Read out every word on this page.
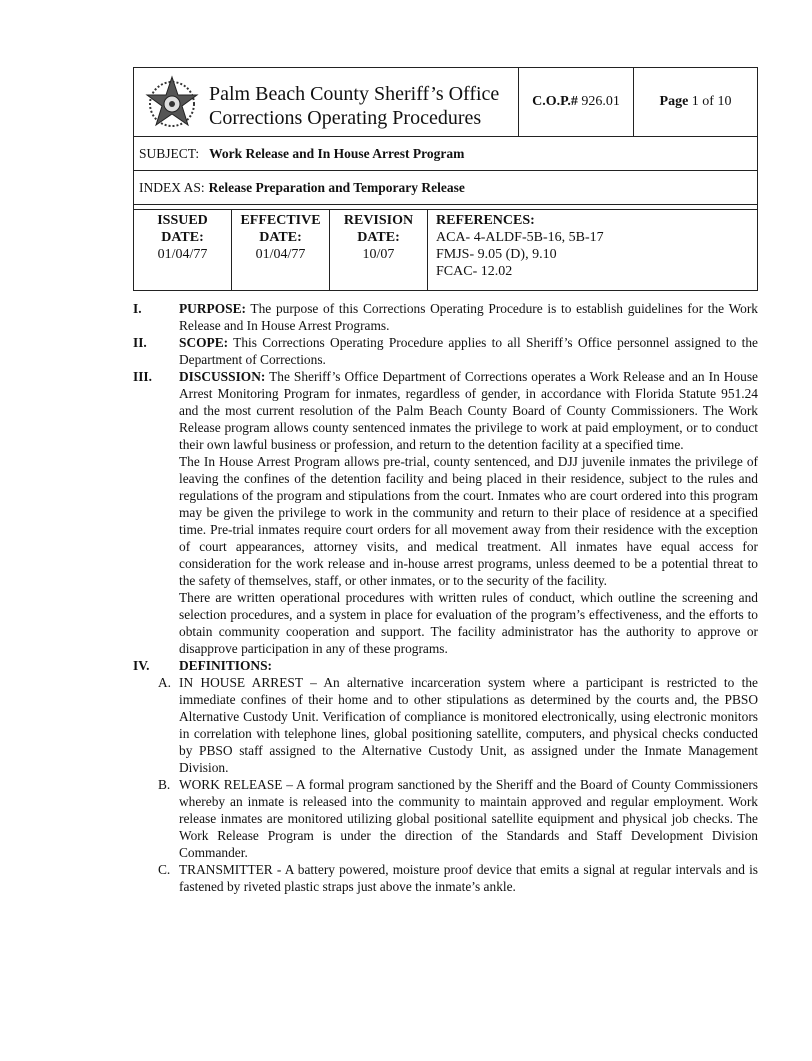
Palm Beach County Sheriff’s Office
Corrections Operating Procedures
C.O.P.#
926.01	Page
1 of 10
SUBJECT: Work Release and In House Arrest Program
INDEX AS: Release Preparation and Temporary Release
ISSUED
DATE:
01/04/77
EFFECTIVE
DATE:
01/04/77
REVISION
DATE:
10/07
REFERENCES:
ACA- 4-ALDF-5B-16, 5B-17
FMJS- 9.05 (D), 9.10
FCAC- 12.02
I.	PURPOSE: The purpose of this Corrections Operating Procedure is to establish guidelines for the Work Release and In House Arrest Programs.

II. SCOPE: This Corrections Operating Procedure applies to all Sheriff’s Office personnel assigned to the Department of Corrections.

III. DISCUSSION: The Sheriff’s Office Department of Corrections operates a Work Release and an In House Arrest Monitoring Program for inmates, regardless of gender, in accordance with Florida Statute 951.24 and the most current resolution of the Palm Beach County Board of County Commissioners. The Work Release program allows county sentenced inmates the privilege to work at paid employment, or to conduct their own lawful business or profession, and return to the detention facility at a specified time.

The In House Arrest Program allows pre-trial, county sentenced, and DJJ juvenile inmates the privilege of leaving the confines of the detention facility and being placed in their residence, subject to the rules and regulations of the program and stipulations from the court. Inmates who are court ordered into this program may be given the privilege to work in the community and return to their place of residence at a specified time. Pre-trial inmates require court orders for all movement away from their residence with the exception of court appearances, attorney visits, and medical treatment. All inmates have equal access for consideration for the work release and in-house arrest programs, unless deemed to be a potential threat to the safety of themselves, staff, or other inmates, or to the security of the facility.

There are written operational procedures with written rules of conduct, which outline the screening and selection procedures, and a system in place for evaluation of the program’s effectiveness, and the efforts to obtain community cooperation and support. The facility administrator has the authority to approve or disapprove participation in any of these programs.

IV. DEFINITIONS:

A. IN HOUSE ARREST – An alternative incarceration system where a participant is restricted to the immediate confines of their home and to other stipulations as determined by the courts and, the PBSO Alternative Custody Unit. Verification of compliance is monitored electronically, using electronic monitors in correlation with telephone lines, global positioning satellite, computers, and physical checks conducted by PBSO staff assigned to the Alternative Custody Unit, as assigned under the Inmate Management Division.

B. WORK RELEASE – A formal program sanctioned by the Sheriff and the Board of County Commissioners whereby an inmate is released into the community to maintain approved and regular employment. Work release inmates are monitored utilizing global positional satellite equipment and physical job checks. The Work Release Program is under the direction of the Standards and Staff Development Division Commander.

C. TRANSMITTER - A battery powered, moisture proof device that emits a signal at regular intervals and is fastened by riveted plastic straps just above the inmate’s ankle.
